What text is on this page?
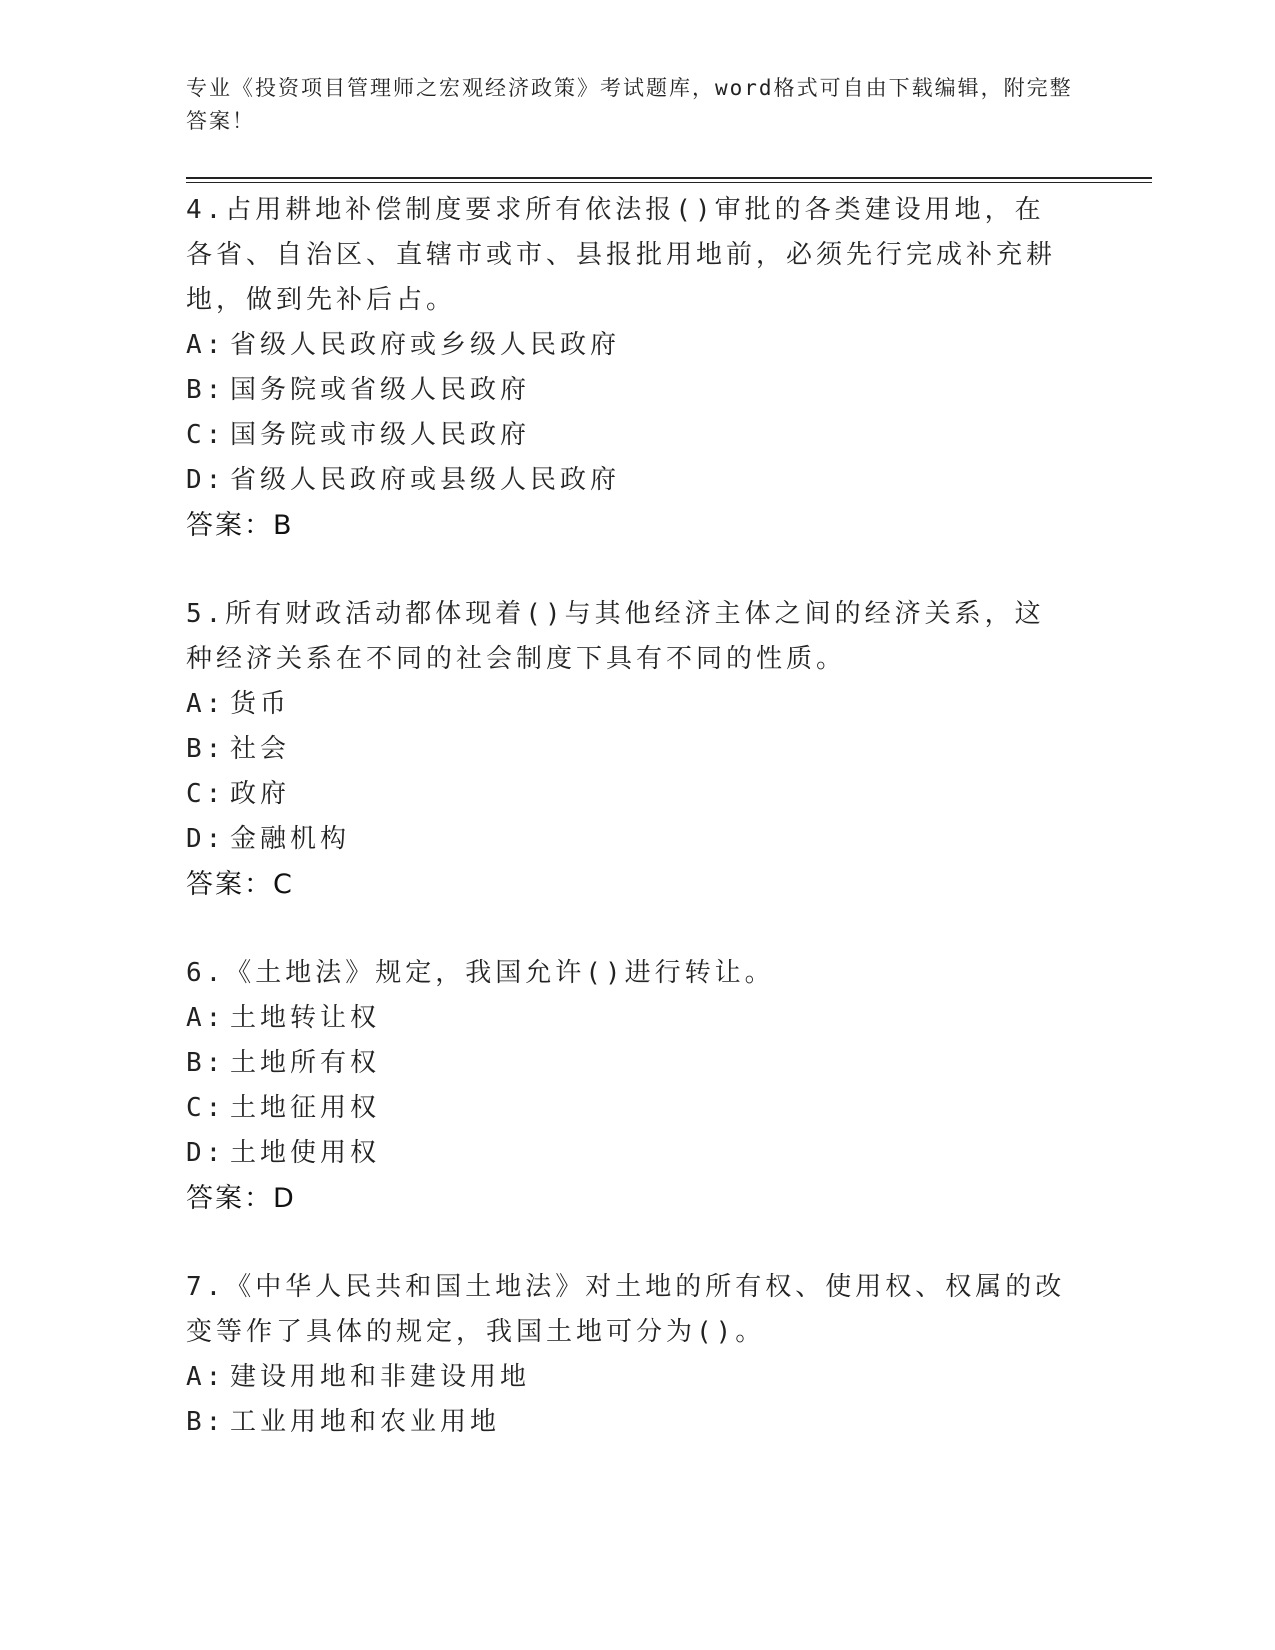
专业《投资项目管理师之宏观经济政策》考试题库，word格式可自由下载编辑，附完整答案！

4.占用耕地补偿制度要求所有依法报()审批的各类建设用地，在各省、自治区、直辖市或市、县报批用地前，必须先行完成补充耕地，做到先补后占。

A: 省级人民政府或乡级人民政府
B: 国务院或省级人民政府
C: 国务院或市级人民政府
D: 省级人民政府或县级人民政府
答案：B

5.所有财政活动都体现着()与其他经济主体之间的经济关系，这种经济关系在不同的社会制度下具有不同的性质。

A: 货币
B: 社会
C: 政府
D: 金融机构
答案：C

6.《土地法》规定，我国允许()进行转让。

A: 土地转让权
B: 土地所有权
C: 土地征用权
D: 土地使用权
答案：D

7.《中华人民共和国土地法》对土地的所有权、使用权、权属的改变等作了具体的规定，我国土地可分为()。

A: 建设用地和非建设用地
B: 工业用地和农业用地
